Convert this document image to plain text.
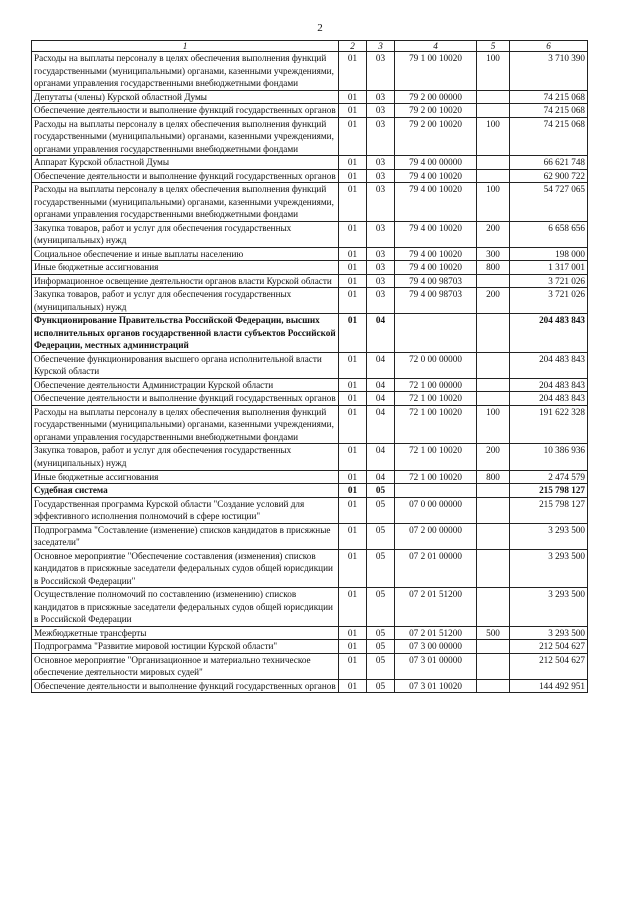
2
1	2	3	4	5	6
Расходы на выплаты персоналу в целях обеспечения выполнения функций государственными (муниципальными) органами, казенными учреждениями, органами управления государственными внебюджетными фондами	01	03	79 1 00 10020	100	3 710 390
Депутаты (члены) Курской областной Думы	01	03	79 2 00 00000		74 215 068
Обеспечение деятельности и выполнение функций государственных органов	01	03	79 2 00 10020		74 215 068
Расходы на выплаты персоналу в целях обеспечения выполнения функций государственными (муниципальными) органами, казенными учреждениями, органами управления государственными внебюджетными фондами	01	03	79 2 00 10020	100	74 215 068
Аппарат Курской областной Думы	01	03	79 4 00 00000		66 621 748
Обеспечение деятельности и выполнение функций государственных органов	01	03	79 4 00 10020		62 900 722
Расходы на выплаты персоналу в целях обеспечения выполнения функций государственными (муниципальными) органами, казенными учреждениями, органами управления государственными внебюджетными фондами	01	03	79 4 00 10020	100	54 727 065
Закупка товаров, работ и услуг для обеспечения государственных (муниципальных) нужд	01	03	79 4 00 10020	200	6 658 656
Социальное обеспечение и иные выплаты населению	01	03	79 4 00 10020	300	198 000
Иные бюджетные ассигнования	01	03	79 4 00 10020	800	1 317 001
Информационное освещение деятельности органов власти Курской области	01	03	79 4 00 98703		3 721 026
Закупка товаров, работ и услуг для обеспечения государственных (муниципальных) нужд	01	03	79 4 00 98703	200	3 721 026
Функционирование Правительства Российской Федерации, высших исполнительных органов государственной власти субъектов Российской Федерации, местных администраций	01	04			204 483 843
Обеспечение функционирования высшего органа исполнительной власти Курской области	01	04	72 0 00 00000		204 483 843
Обеспечение деятельности Администрации Курской области	01	04	72 1 00 00000		204 483 843
Обеспечение деятельности и выполнение функций государственных органов	01	04	72 1 00 10020		204 483 843
Расходы на выплаты персоналу в целях обеспечения выполнения функций государственными (муниципальными) органами, казенными учреждениями, органами управления государственными внебюджетными фондами	01	04	72 1 00 10020	100	191 622 328
Закупка товаров, работ и услуг для обеспечения государственных (муниципальных) нужд	01	04	72 1 00 10020	200	10 386 936
Иные бюджетные ассигнования	01	04	72 1 00 10020	800	2 474 579
Судебная система	01	05			215 798 127
Государственная программа Курской области "Создание условий для эффективного исполнения полномочий в сфере юстиции"	01	05	07 0 00 00000		215 798 127
Подпрограмма "Составление (изменение) списков кандидатов в присяжные заседатели"	01	05	07 2 00 00000		3 293 500
Основное мероприятие "Обеспечение составления (изменения) списков кандидатов в присяжные заседатели федеральных судов общей юрисдикции в Российской Федерации"	01	05	07 2 01 00000		3 293 500
Осуществление полномочий по составлению (изменению) списков кандидатов в присяжные заседатели федеральных судов общей юрисдикции в Российской Федерации	01	05	07 2 01 51200		3 293 500
Межбюджетные трансферты	01	05	07 2 01 51200	500	3 293 500
Подпрограмма "Развитие мировой юстиции Курской области"	01	05	07 3 00 00000		212 504 627
Основное мероприятие "Организационное и материально техническое обеспечение деятельности мировых судей"	01	05	07 3 01 00000		212 504 627
Обеспечение деятельности и выполнение функций государственных органов	01	05	07 3 01 10020		144 492 951
